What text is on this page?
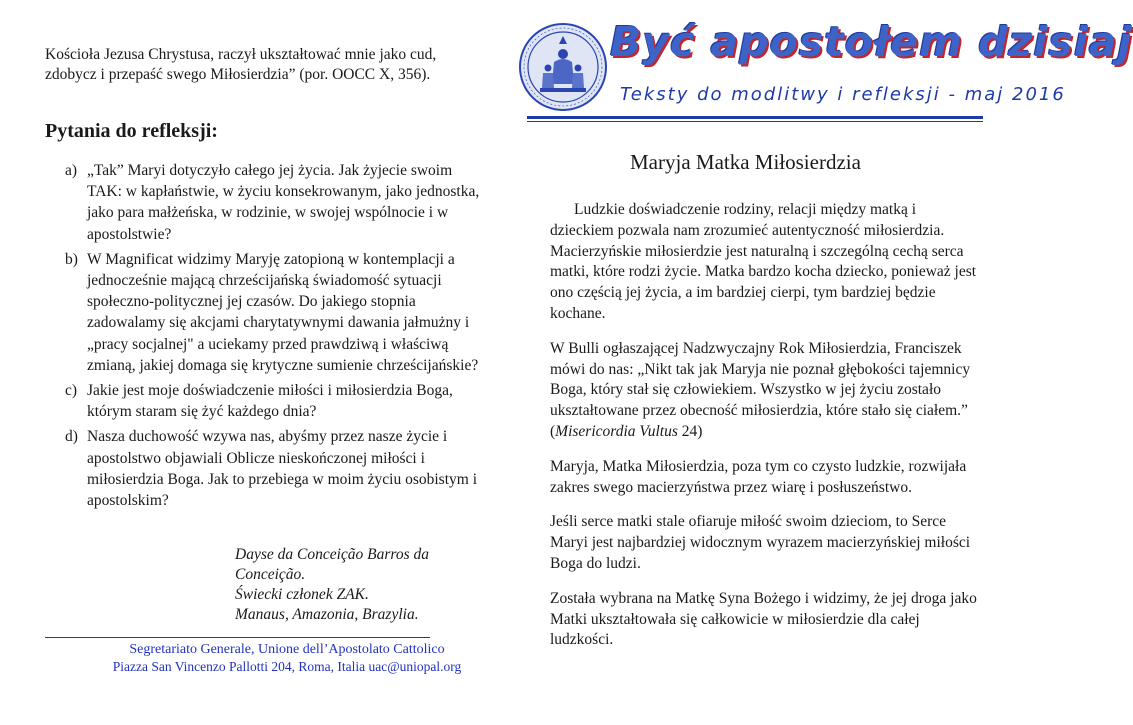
Kościoła Jezusa Chrystusa, raczył ukształtować mnie jako cud, zdobycz i przepaść swego Miłosierdzia” (por. OOCC X, 356).
Pytania do refleksji:
a) „Tak” Maryi dotyczyło całego jej życia. Jak żyjecie swoim TAK: w kapłaństwie, w życiu konsekrowanym, jako jednostka, jako para małżeńska, w rodzinie, w swojej wspólnocie i w apostolstwie?
b) W Magnificat widzimy Maryję zatopioną w kontemplacji a jednocześnie mającą chrześcijańską świadomość sytuacji społeczno-politycznej jej czasów. Do jakiego stopnia zadowalamy się akcjami charytatywnymi dawania jałmużny i „pracy socjalnej" a uciekamy przed prawdziwą i właściwą zmianą, jakiej domaga się krytyczne sumienie chrześcijańskie?
c) Jakie jest moje doświadczenie miłości i miłosierdzia Boga, którym staram się żyć każdego dnia?
d) Nasza duchowość wzywa nas, abyśmy przez nasze życie i apostolstwo objawiali Oblicze nieskończonej miłości i miłosierdzia Boga. Jak to przebiega w moim życiu osobistym i apostolskim?
Dayse da Conceição Barros da Conceição.
Świecki członek ZAK.
Manaus, Amazonia, Brazylia.
Segretariato Generale, Unione dell’Apostolato Cattolico
Piazza San Vincenzo Pallotti 204, Roma, Italia uac@uniopal.org
Być apostołem dzisiaj
Teksty do modlitwy i refleksji - maj 2016
Maryja Matka Miłosierdzia

Ludzkie doświadczenie rodziny, relacji między matką i dzieckiem pozwala nam zrozumieć autentyczność miłosierdzia. Macierzyńskie miłosierdzie jest naturalną i szczególną cechą serca matki, które rodzi życie. Matka bardzo kocha dziecko, ponieważ jest ono częścią jej życia, a im bardziej cierpi, tym bardziej będzie kochane.

W Bulli ogłaszającej Nadzwyczajny Rok Miłosierdzia, Franciszek mówi do nas: „Nikt tak jak Maryja nie poznał głębokości tajemnicy Boga, który stał się człowiekiem. Wszystko w jej życiu zostało ukształtowane przez obecność miłosierdzia, które stało się ciałem.” (Misericordia Vultus 24)

Maryja, Matka Miłosierdzia, poza tym co czysto ludzkie, rozwijała zakres swego macierzyństwa przez wiarę i posłuszeństwo.

Jeśli serce matki stale ofiaruje miłość swoim dzieciom, to Serce Maryi jest najbardziej widocznym wyrazem macierzyńskiej miłości Boga do ludzi.

Została wybrana na Matkę Syna Bożego i widzimy, że jej droga jako Matki ukształtowała się całkowicie w miłosierdzie dla całej ludzkości.
